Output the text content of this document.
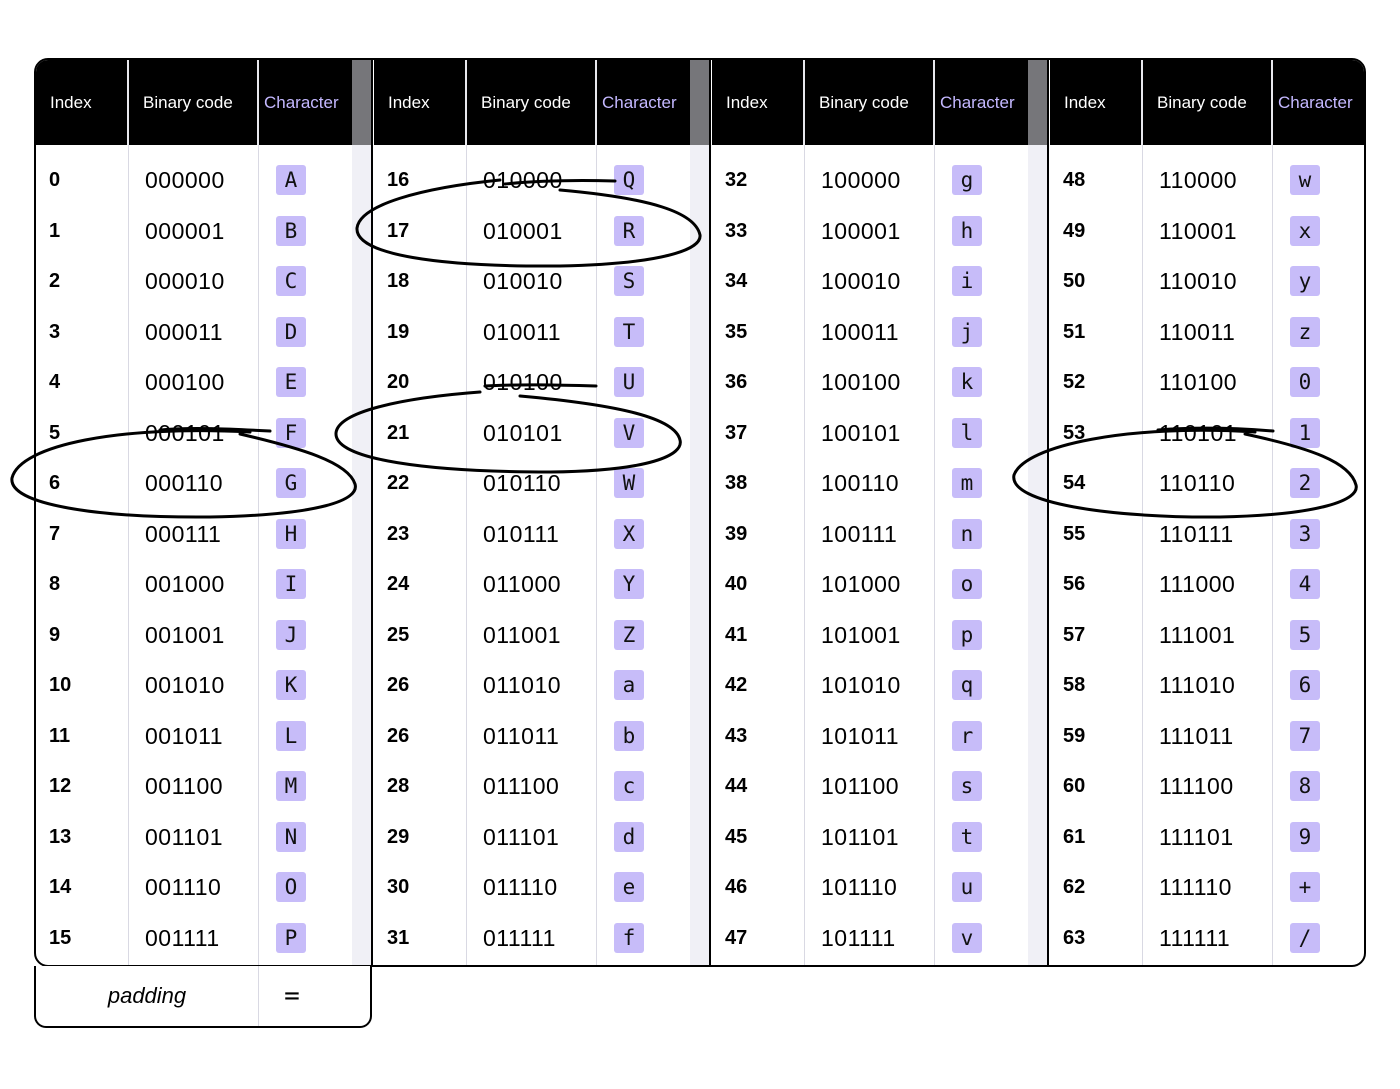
Index	Binary code	Character
0	000000	A
1	000001	B
2	000010	C
3	000011	D
4	000100	E
5	000101	F
6	000110	G
7	000111	H
8	001000	I
9	001001	J
10	001010	K
11	001011	L
12	001100	M
13	001101	N
14	001110	O
15	001111	P
Index	Binary code	Character
16	010000	Q
17	010001	R
18	010010	S
19	010011	T
20	010100	U
21	010101	V
22	010110	W
23	010111	X
24	011000	Y
25	011001	Z
26	011010	a
26	011011	b
28	011100	c
29	011101	d
30	011110	e
31	011111	f
Index	Binary code	Character
32	100000	g
33	100001	h
34	100010	i
35	100011	j
36	100100	k
37	100101	l
38	100110	m
39	100111	n
40	101000	o
41	101001	p
42	101010	q
43	101011	r
44	101100	s
45	101101	t
46	101110	u
47	101111	v
Index	Binary code	Character
48	110000	w
49	110001	x
50	110010	y
51	110011	z
52	110100	0
53	110101	1
54	110110	2
55	110111	3
56	111000	4
57	111001	5
58	111010	6
59	111011	7
60	111100	8
61	111101	9
62	111110	+
63	111111	/
padding	=
